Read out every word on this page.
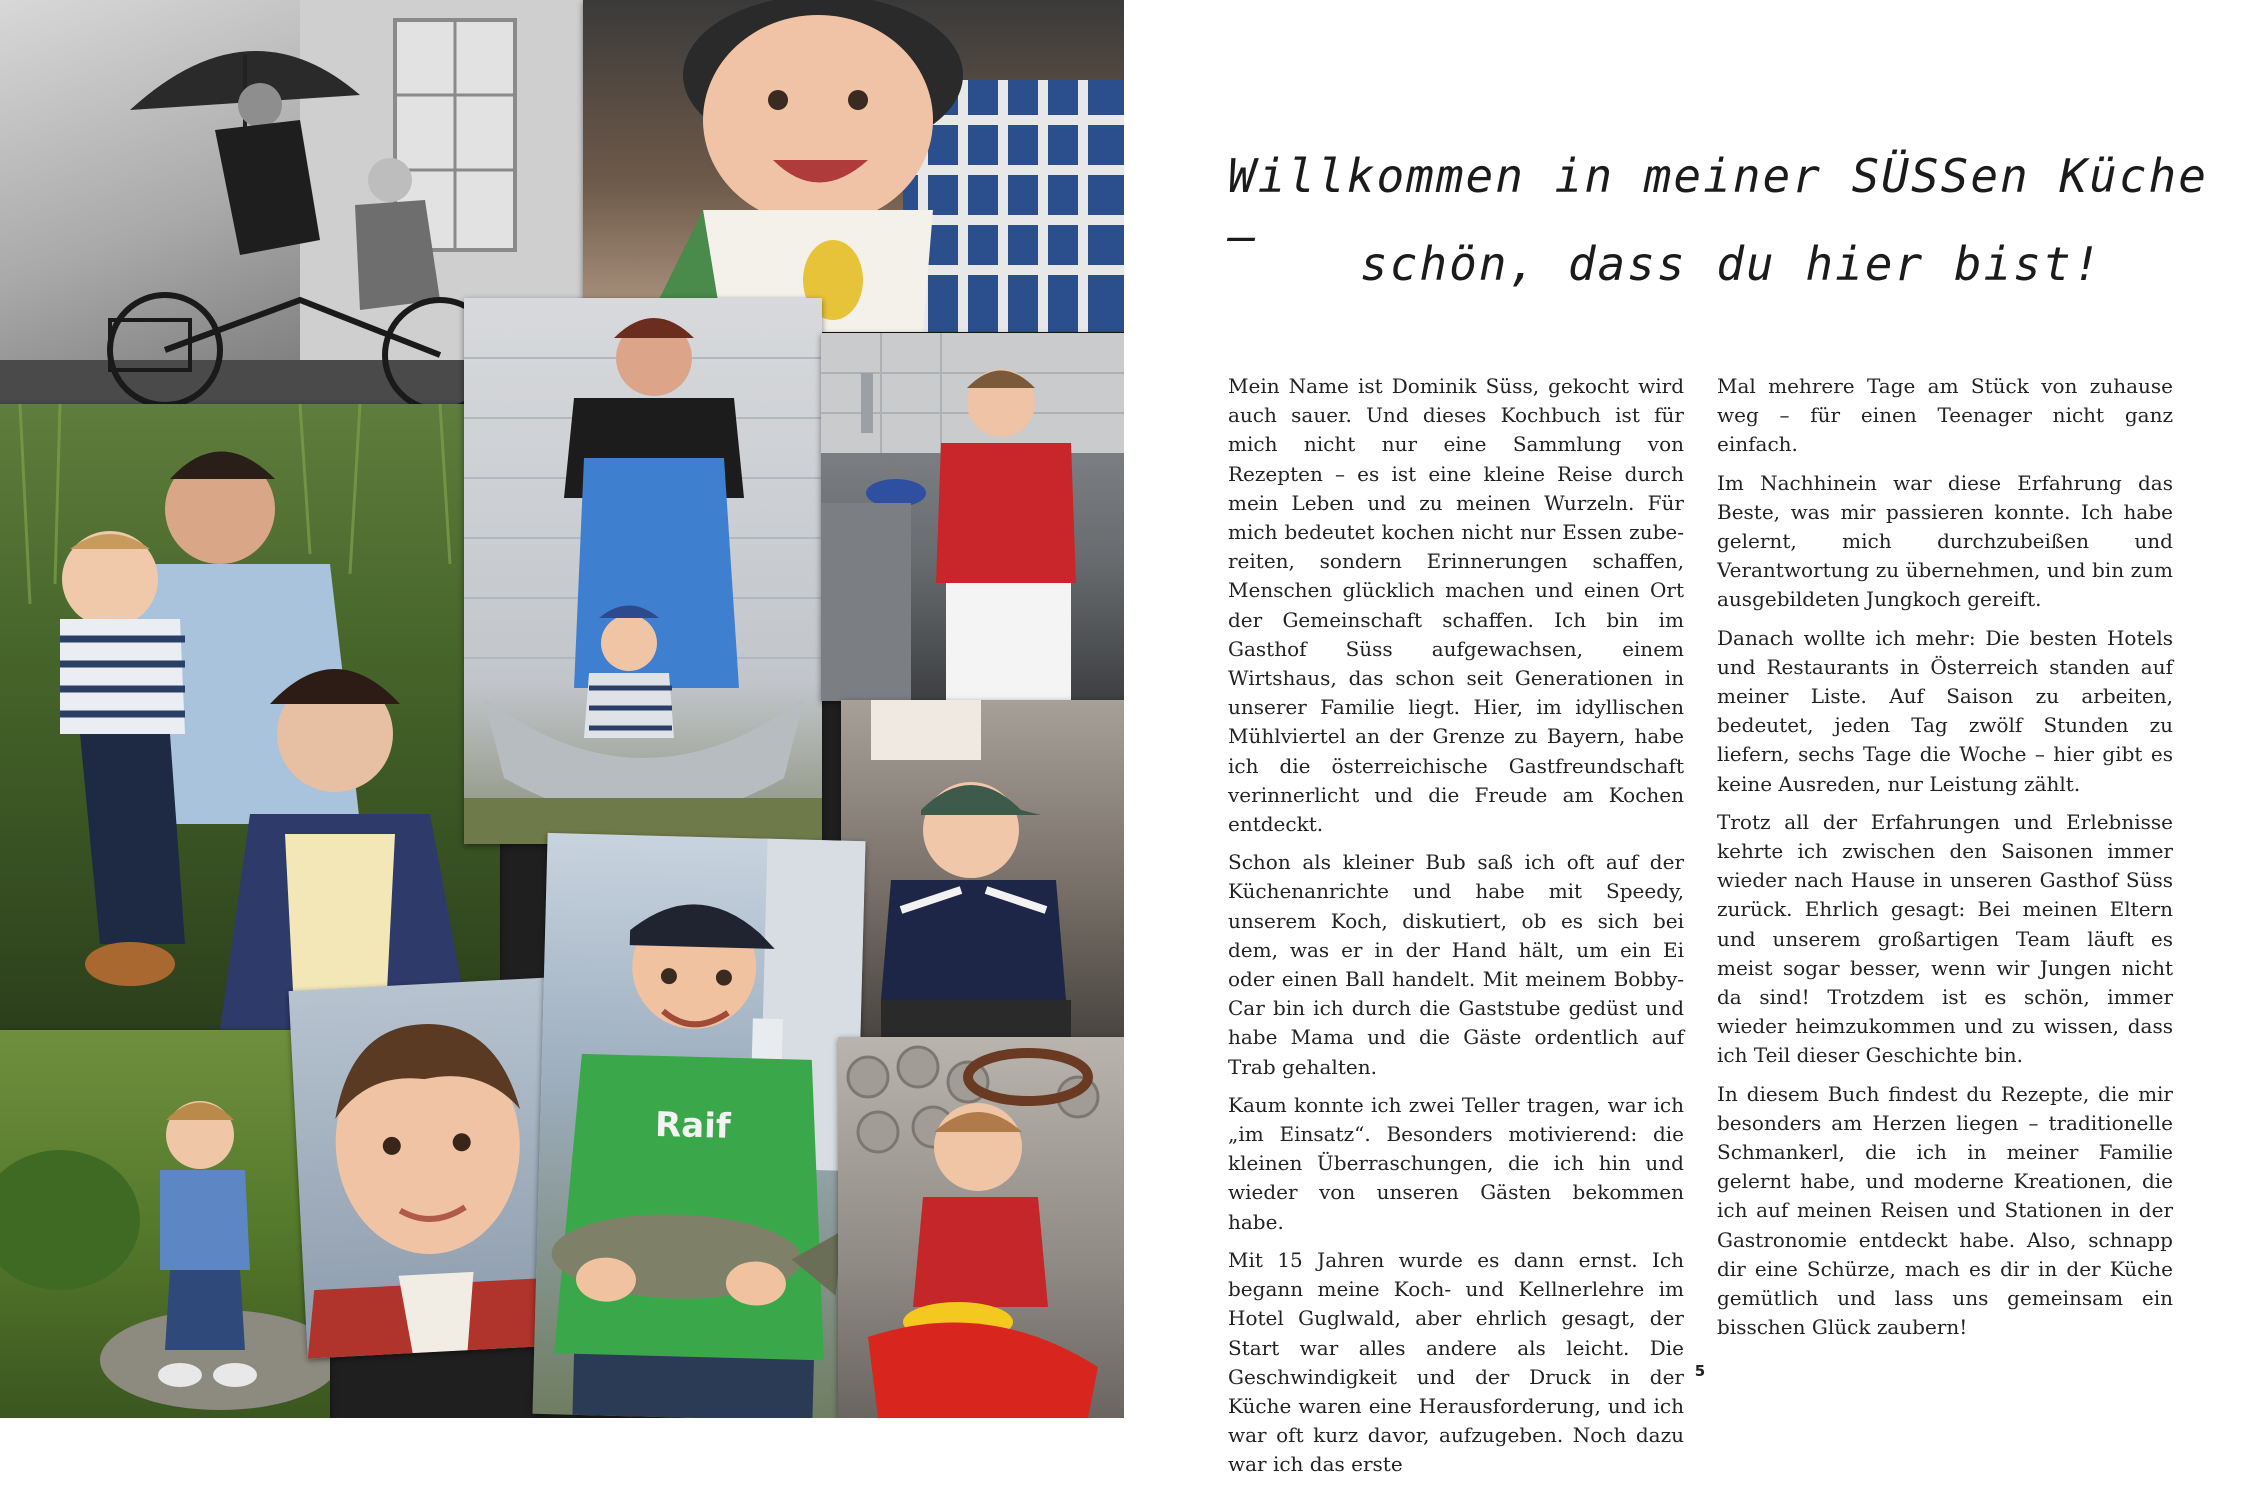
Raif
Willkommen in meiner SÜSSen Küche –
schön, dass du hier bist!

Mein Name ist Dominik Süss, gekocht wird auch sauer. Und dieses Kochbuch ist für mich nicht nur eine Sammlung von Rezepten – es ist eine kleine Reise durch mein Leben und zu meinen Wurzeln. Für mich bedeutet kochen nicht nur Essen zubereiten, sondern Erinnerungen schaffen, Menschen glücklich machen und einen Ort der Gemeinschaft schaffen. Ich bin im Gasthof Süss aufgewachsen, einem Wirtshaus, das schon seit Generationen in unserer Familie liegt. Hier, im idyllischen Mühlviertel an der Grenze zu Bayern, habe ich die österreichische Gastfreundschaft verinnerlicht und die Freude am Kochen entdeckt.

Schon als kleiner Bub saß ich oft auf der Küchenanrichte und habe mit Speedy, unserem Koch, diskutiert, ob es sich bei dem, was er in der Hand hält, um ein Ei oder einen Ball handelt. Mit meinem Bobby-Car bin ich durch die Gaststube gedüst und habe Mama und die Gäste ordentlich auf Trab gehalten.

Kaum konnte ich zwei Teller tragen, war ich „im Einsatz“. Besonders motivierend: die kleinen Überraschungen, die ich hin und wieder von unseren Gästen bekommen habe.

Mit 15 Jahren wurde es dann ernst. Ich begann meine Koch- und Kellnerlehre im Hotel Guglwald, aber ehrlich gesagt, der Start war alles andere als leicht. Die Geschwindigkeit und der Druck in der Küche waren eine Herausforderung, und ich war oft kurz davor, aufzugeben. Noch dazu war ich das erste

Mal mehrere Tage am Stück von zuhause weg – für einen Teenager nicht ganz einfach.

Im Nachhinein war diese Erfahrung das Beste, was mir passieren konnte. Ich habe gelernt, mich durchzubeißen und Verantwortung zu übernehmen, und bin zum ausgebildeten Jungkoch gereift.

Danach wollte ich mehr: Die besten Hotels und Restaurants in Österreich standen auf meiner Liste. Auf Saison zu arbeiten, bedeutet, jeden Tag zwölf Stunden zu liefern, sechs Tage die Woche – hier gibt es keine Ausreden, nur Leistung zählt.

Trotz all der Erfahrungen und Erlebnisse kehrte ich zwischen den Saisonen immer wieder nach Hause in unseren Gasthof Süss zurück. Ehrlich gesagt: Bei meinen Eltern und unserem großartigen Team läuft es meist sogar besser, wenn wir Jungen nicht da sind! Trotzdem ist es schön, immer wieder heimzukommen und zu wissen, dass ich Teil dieser Geschichte bin.

In diesem Buch findest du Rezepte, die mir besonders am Herzen liegen – traditionelle Schmankerl, die ich in meiner Familie gelernt habe, und moderne Kreationen, die ich auf meinen Reisen und Stationen in der Gastronomie entdeckt habe. Also, schnapp dir eine Schürze, mach es dir in der Küche gemütlich und lass uns gemeinsam ein bisschen Glück zaubern!

5
